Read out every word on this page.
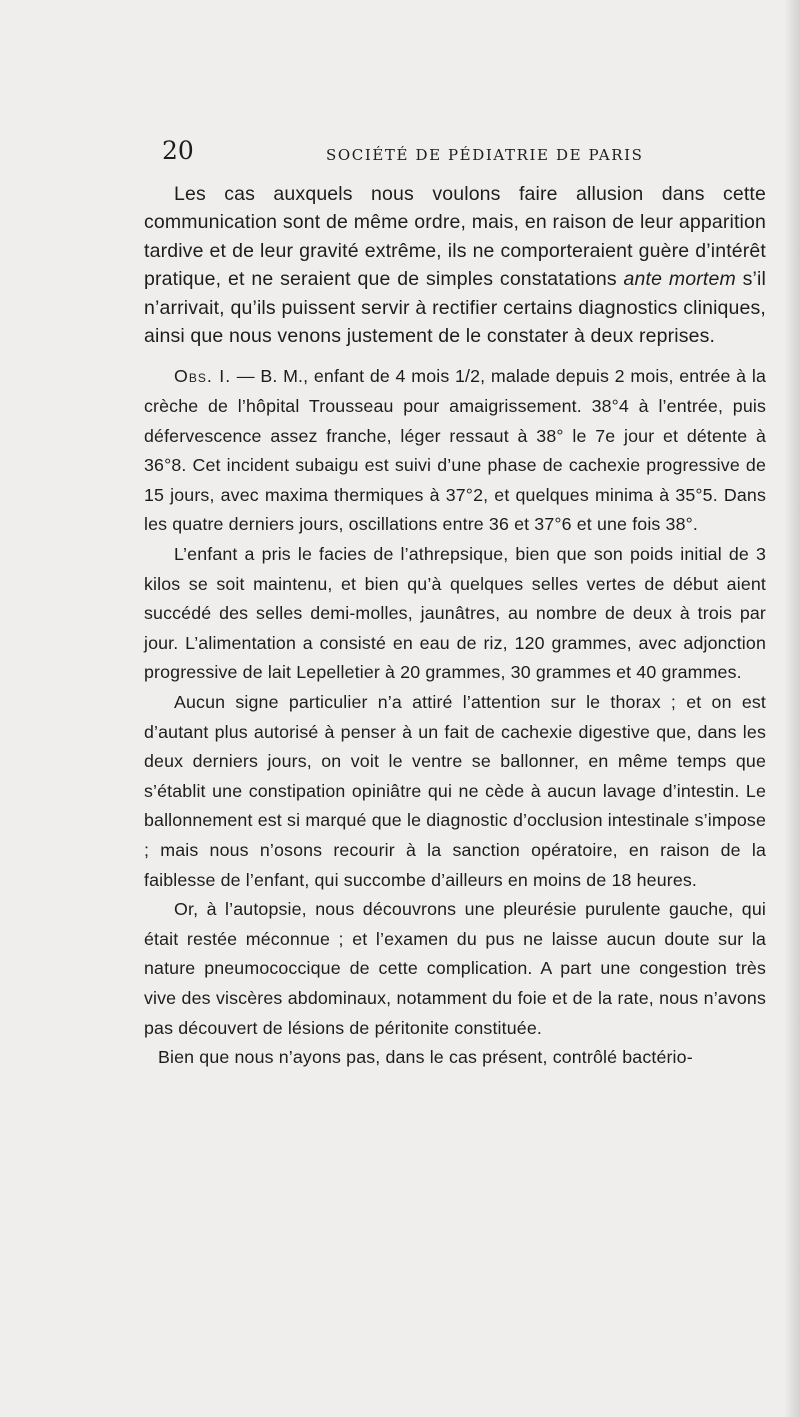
20	SOCIÉTÉ DE PÉDIATRIE DE PARIS

Les cas auxquels nous voulons faire allusion dans cette communication sont de même ordre, mais, en raison de leur apparition tardive et de leur gravité extrême, ils ne comporteraient guère d’intérêt pratique, et ne seraient que de simples constatations ante mortem s’il n’arrivait, qu’ils puissent servir à rectifier certains diagnostics cliniques, ainsi que nous venons justement de le constater à deux reprises.

Obs. I. — B. M., enfant de 4 mois 1/2, malade depuis 2 mois, entrée à la crèche de l’hôpital Trousseau pour amaigrissement. 38°4 à l’entrée, puis défervescence assez franche, léger ressaut à 38° le 7e jour et détente à 36°8. Cet incident subaigu est suivi d’une phase de cachexie progressive de 15 jours, avec maxima thermiques à 37°2, et quelques minima à 35°5. Dans les quatre derniers jours, oscillations entre 36 et 37°6 et une fois 38°.

L’enfant a pris le facies de l’athrepsique, bien que son poids initial de 3 kilos se soit maintenu, et bien qu’à quelques selles vertes de début aient succédé des selles demi-molles, jaunâtres, au nombre de deux à trois par jour. L’alimentation a consisté en eau de riz, 120 grammes, avec adjonction progressive de lait Lepelletier à 20 grammes, 30 grammes et 40 grammes.

Aucun signe particulier n’a attiré l’attention sur le thorax ; et on est d’autant plus autorisé à penser à un fait de cachexie digestive que, dans les deux derniers jours, on voit le ventre se ballonner, en même temps que s’établit une constipation opiniâtre qui ne cède à aucun lavage d’intestin. Le ballonnement est si marqué que le diagnostic d’occlusion intestinale s’impose ; mais nous n’osons recourir à la sanction opératoire, en raison de la faiblesse de l’enfant, qui succombe d’ailleurs en moins de 18 heures.

Or, à l’autopsie, nous découvrons une pleurésie purulente gauche, qui était restée méconnue ; et l’examen du pus ne laisse aucun doute sur la nature pneumococcique de cette complication. A part une congestion très vive des viscères abdominaux, notamment du foie et de la rate, nous n’avons pas découvert de lésions de péritonite constituée.

Bien que nous n’ayons pas, dans le cas présent, contrôlé bactério-
